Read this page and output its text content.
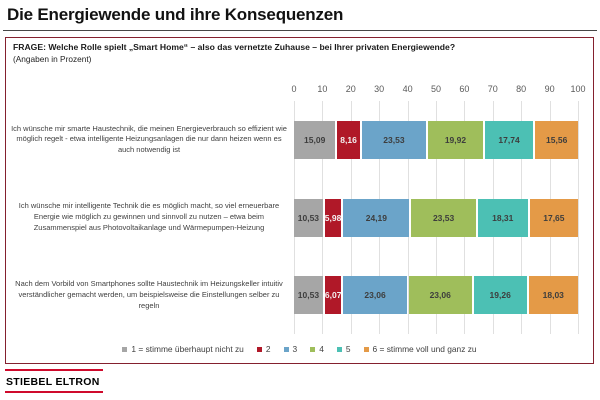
Die Energiewende und ihre Konsequenzen
FRAGE: Welche Rolle spielt „Smart Home“ – also das vernetzte Zuhause – bei Ihrer privaten Energiewende?
(Angaben in Prozent)
0 10 20 30 40 50 60 70 80 90 100
Ich wünsche mir smarte Haustechnik, die meinen Energieverbrauch so effizient wie möglich regelt - etwa intelligente Heizungsanlagen die nur dann heizen wenn es auch notwendig ist
15,09 8,16	23,53	19,92	17,74	15,56
Ich wünsche mir intelligente Technik die es möglich macht, so viel erneuerbare Energie wie möglich zu gewinnen und sinnvoll zu nutzen – etwa beim Zusammenspiel aus Photovoltaikanlage und Wärmepumpen-Heizung
10,53 5,98	24,19	23,53	18,31	17,65
Nach dem Vorbild von Smartphones sollte Haustechnik im Heizungskeller intuitiv verständlicher gemacht werden, um beispielsweise die Einstellungen selber zu regeln
10,53 6,07	23,06	23,06	19,26	18,03
1 = stimme überhaupt nicht zu	2	3	4	5	6 = stimme voll und ganz zu
STIEBEL ELTRON
